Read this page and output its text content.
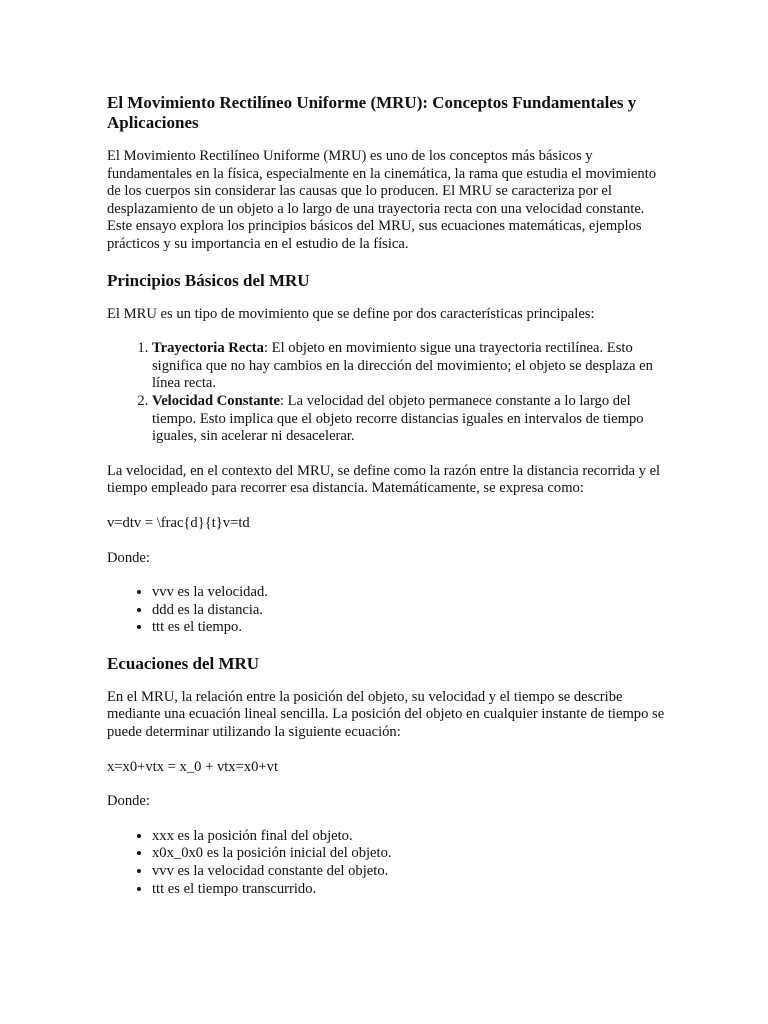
El Movimiento Rectilíneo Uniforme (MRU): Conceptos Fundamentales y Aplicaciones

El Movimiento Rectilíneo Uniforme (MRU) es uno de los conceptos más básicos y fundamentales en la física, especialmente en la cinemática, la rama que estudia el movimiento de los cuerpos sin considerar las causas que lo producen. El MRU se caracteriza por el desplazamiento de un objeto a lo largo de una trayectoria recta con una velocidad constante. Este ensayo explora los principios básicos del MRU, sus ecuaciones matemáticas, ejemplos prácticos y su importancia en el estudio de la física.

Principios Básicos del MRU

El MRU es un tipo de movimiento que se define por dos características principales:

1. Trayectoria Recta: El objeto en movimiento sigue una trayectoria rectilínea. Esto significa que no hay cambios en la dirección del movimiento; el objeto se desplaza en línea recta.
2. Velocidad Constante: La velocidad del objeto permanece constante a lo largo del tiempo. Esto implica que el objeto recorre distancias iguales en intervalos de tiempo iguales, sin acelerar ni desacelerar.

La velocidad, en el contexto del MRU, se define como la razón entre la distancia recorrida y el tiempo empleado para recorrer esa distancia. Matemáticamente, se expresa como:

v=dtv = \frac{d}{t}v=td

Donde:

• vvv es la velocidad.
• ddd es la distancia.
• ttt es el tiempo.
Ecuaciones del MRU

En el MRU, la relación entre la posición del objeto, su velocidad y el tiempo se describe mediante una ecuación lineal sencilla. La posición del objeto en cualquier instante de tiempo se puede determinar utilizando la siguiente ecuación:

x=x0+vtx = x_0 + vtx=x0+vt

Donde:

• xxx es la posición final del objeto.
• x0x_0x0 es la posición inicial del objeto.
• vvv es la velocidad constante del objeto.
• ttt es el tiempo transcurrido.
